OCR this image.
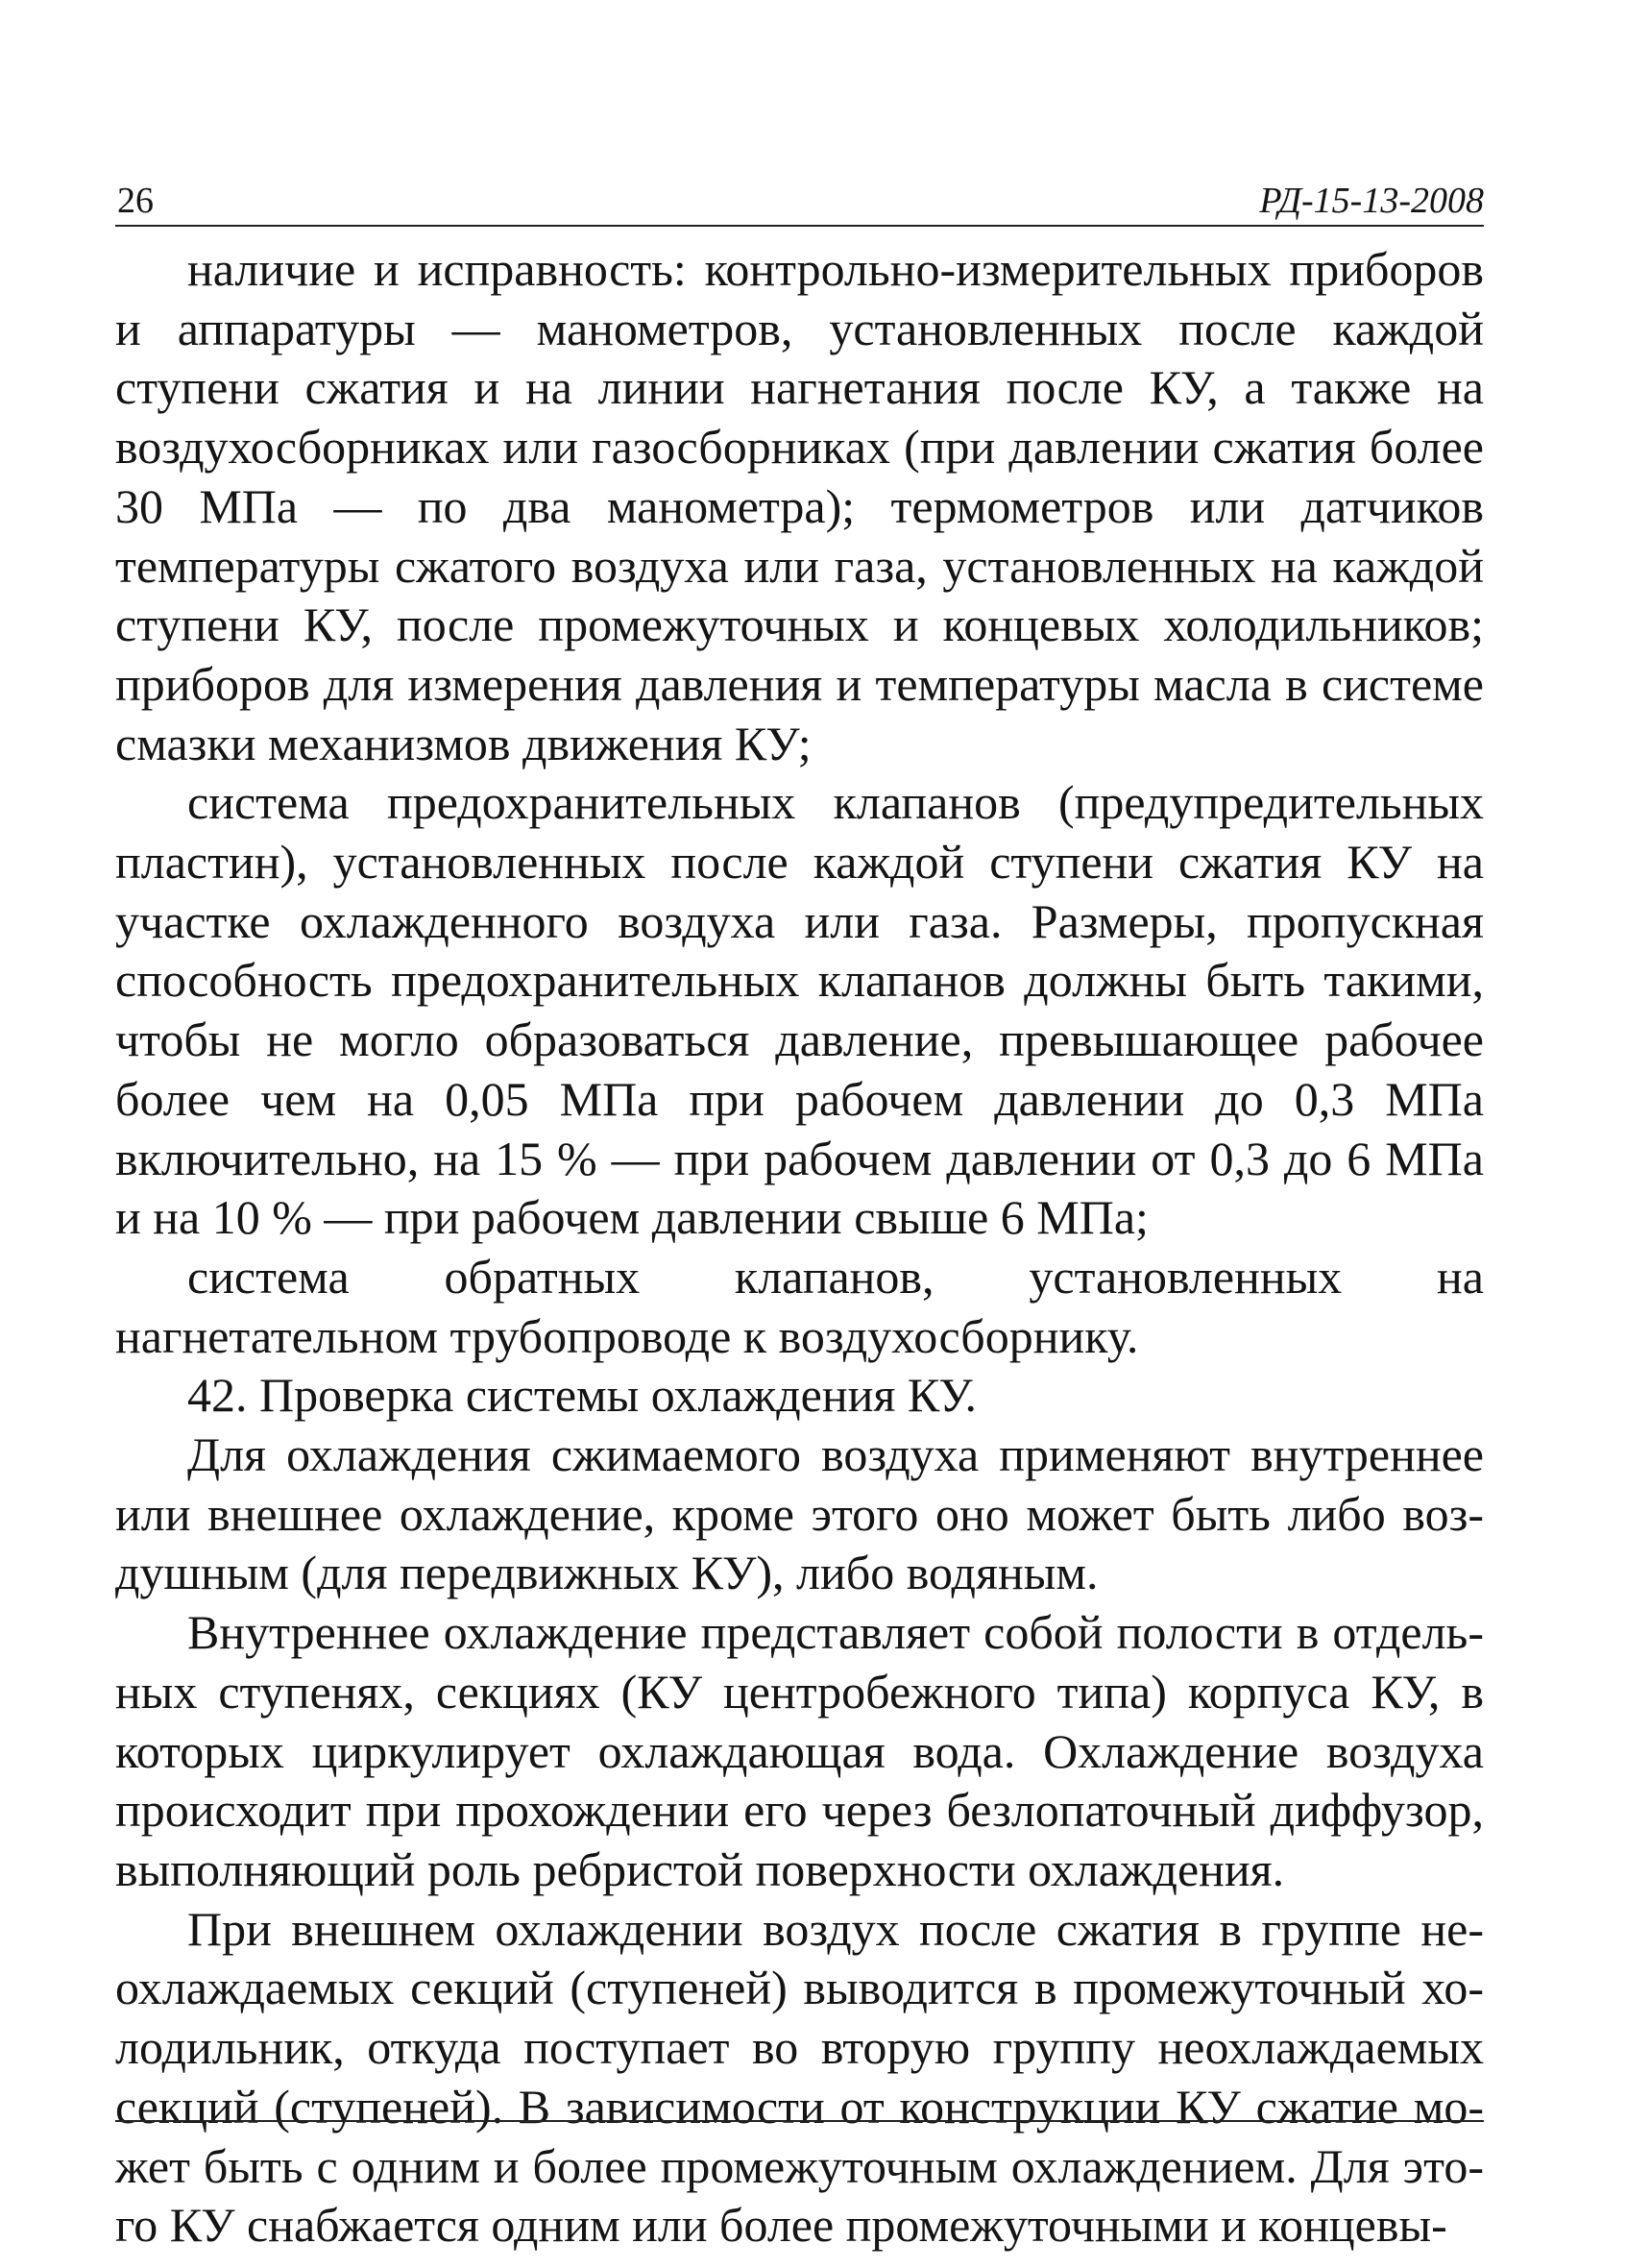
26	РД-15-13-2008

наличие и исправность: контрольно-измерительных приборов и аппаратуры — манометров, установленных после каждой ступени сжатия и на линии нагнетания после КУ, а также на воздухосборниках или газосборниках (при давлении сжатия более 30 МПа — по два манометра); термометров или датчиков температуры сжатого воздуха или газа, установленных на каждой ступени КУ, после промежуточных и концевых холодильников; приборов для измерения давления и температуры масла в системе смазки механизмов движения КУ;

система предохранительных клапанов (предупредительных пластин), установленных после каждой ступени сжатия КУ на участке охлажденного воздуха или газа. Размеры, пропускная способность предохранительных клапанов должны быть такими, чтобы не могло образоваться давление, превышающее рабочее более чем на 0,05 МПа при рабочем давлении до 0,3 МПа включительно, на 15 % — при рабочем давлении от 0,3 до 6 МПа и на 10 % — при рабочем давлении свыше 6 МПа;

система обратных клапанов, установленных на нагнетательном трубопроводе к воздухосборнику.

42. Проверка системы охлаждения КУ.

Для охлаждения сжимаемого воздуха применяют внутреннее или внешнее охлаждение, кроме этого оно может быть либо воздушным (для передвижных КУ), либо водяным.

Внутреннее охлаждение представляет собой полости в отдельных ступенях, секциях (КУ центробежного типа) корпуса КУ, в которых циркулирует охлаждающая вода. Охлаждение воздуха происходит при прохождении его через безлопаточный диффузор, выполняющий роль ребристой поверхности охлаждения.

При внешнем охлаждении воздух после сжатия в группе неохлаждаемых секций (ступеней) выводится в промежуточный холодильник, откуда поступает во вторую группу неохлаждаемых секций (ступеней). В зависимости от конструкции КУ сжатие может быть с одним и более промежуточным охлаждением. Для этого КУ снабжается одним или более промежуточными и концевы-
